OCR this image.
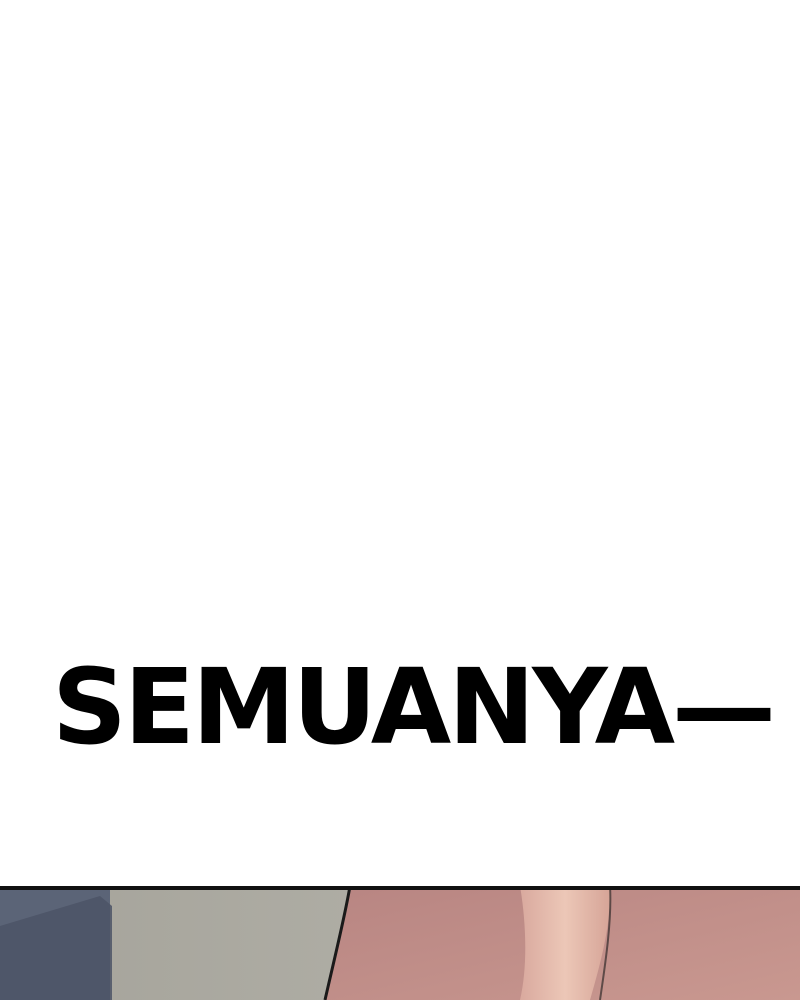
SEMUANYA—
